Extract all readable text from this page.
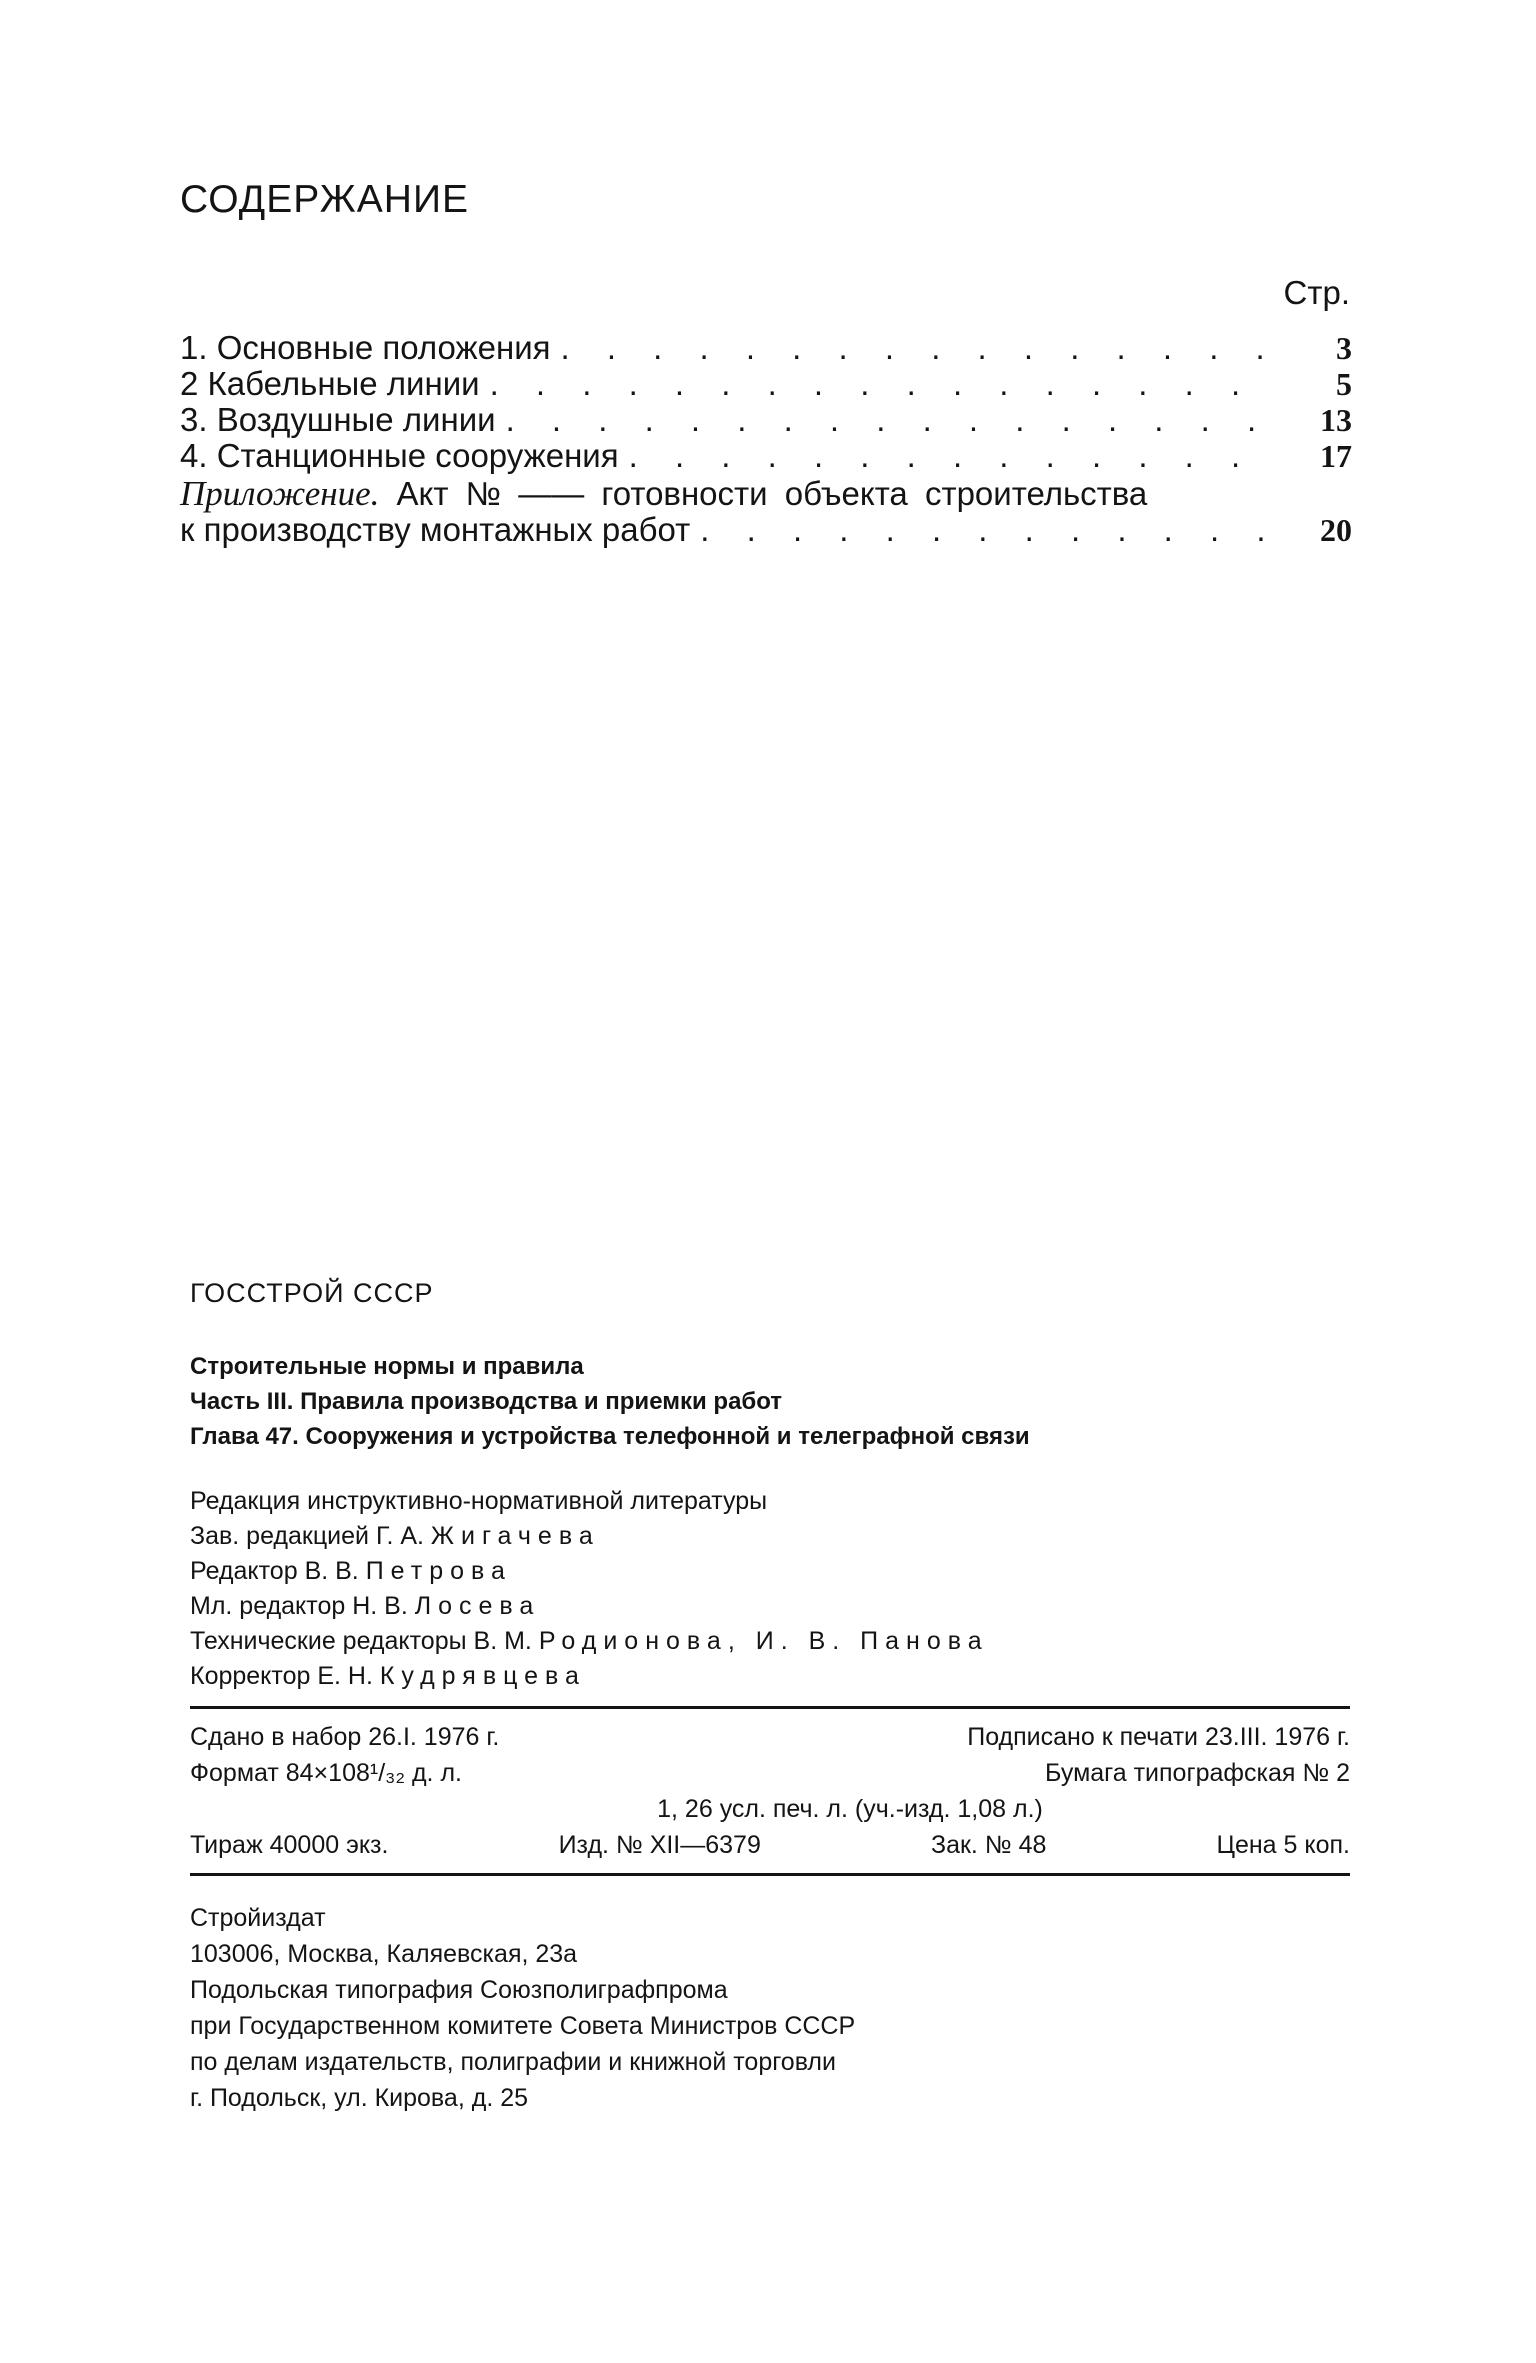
СОДЕРЖАНИЕ
Стр.
1. Основные положения . . .	3
2 Кабельные линии . . .	5
3. Воздушные линии . . .	13
4. Станционные сооружения . . .	17
Приложение. Акт № —— готовности объекта строительства
к производству монтажных работ . . .	20
ГОССТРОЙ СССР
Строительные нормы и правила
Часть III. Правила производства и приемки работ
Глава 47. Сооружения и устройства телефонной и телеграфной связи
Редакция инструктивно-нормативной литературы
Зав. редакцией Г. А. Жигачева
Редактор В. В. Петрова
Мл. редактор Н. В. Лосева
Технические редакторы В. М. Родионова, И. В. Панова
Корректор Е. Н. Кудрявцева
Сдано в набор 26.I. 1976 г.	Подписано к печати 23.III. 1976 г.
Формат 84×108¹/₃₂ д. л.	Бумага типографская № 2
1, 26 усл. печ. л. (уч.-изд. 1,08 л.)
Тираж 40000 экз.	Изд. № XII—6379	Зак. № 48	Цена 5 коп.
Стройиздат
103006, Москва, Каляевская, 23а
Подольская типография Союзполиграфпрома
при Государственном комитете Совета Министров СССР
по делам издательств, полиграфии и книжной торговли
г. Подольск, ул. Кирова, д. 25
